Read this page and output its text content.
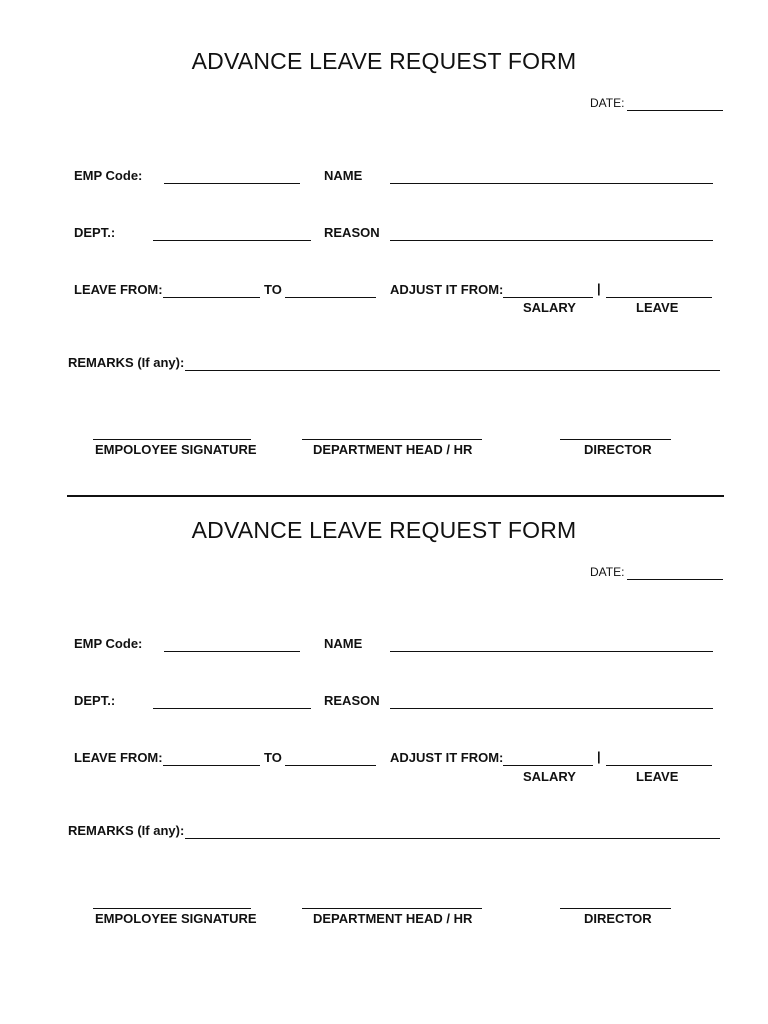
ADVANCE LEAVE REQUEST FORM
DATE:
EMP Code:	NAME
DEPT.:	REASON
LEAVE FROM:	TO	ADJUST IT FROM:	|
SALARY	LEAVE
REMARKS (If any):
EMPOLOYEE SIGNATURE	DEPARTMENT HEAD / HR	DIRECTOR
ADVANCE LEAVE REQUEST FORM
DATE:
EMP Code:	NAME
DEPT.:	REASON
LEAVE FROM:	TO	ADJUST IT FROM:	|
SALARY	LEAVE
REMARKS (If any):
EMPOLOYEE SIGNATURE	DEPARTMENT HEAD / HR	DIRECTOR
